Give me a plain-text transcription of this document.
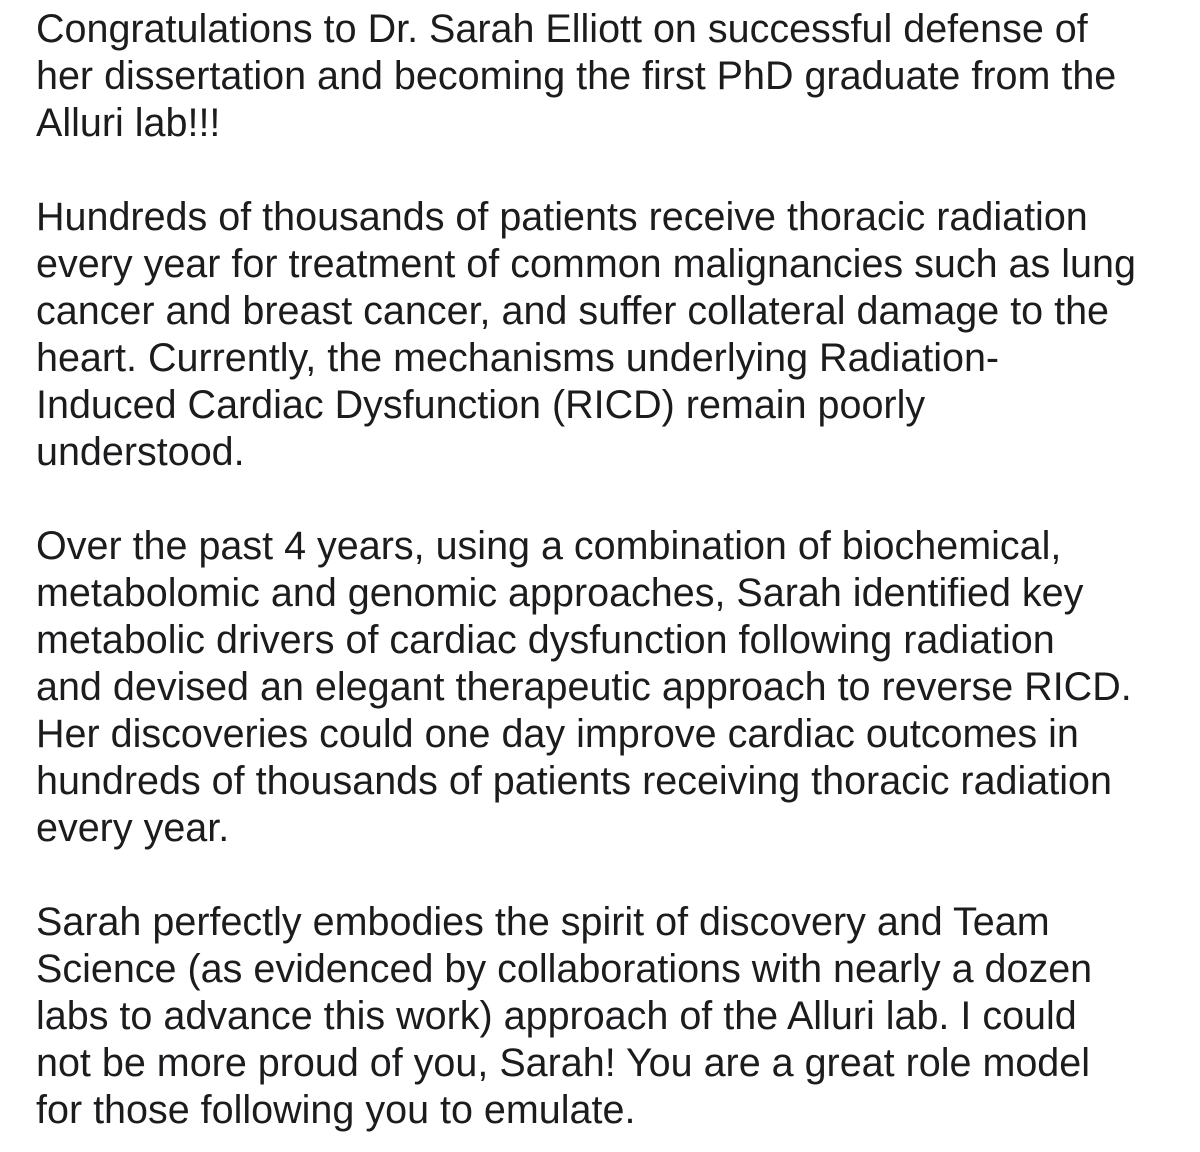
Congratulations to Dr. Sarah Elliott on successful defense of
her dissertation and becoming the first PhD graduate from the
Alluri lab!!!
Hundreds of thousands of patients receive thoracic radiation
every year for treatment of common malignancies such as lung
cancer and breast cancer, and suffer collateral damage to the
heart. Currently, the mechanisms underlying Radiation-
Induced Cardiac Dysfunction (RICD) remain poorly
understood.
Over the past 4 years, using a combination of biochemical,
metabolomic and genomic approaches, Sarah identified key
metabolic drivers of cardiac dysfunction following radiation
and devised an elegant therapeutic approach to reverse RICD.
Her discoveries could one day improve cardiac outcomes in
hundreds of thousands of patients receiving thoracic radiation
every year.
Sarah perfectly embodies the spirit of discovery and Team
Science (as evidenced by collaborations with nearly a dozen
labs to advance this work) approach of the Alluri lab. I could
not be more proud of you, Sarah! You are a great role model
for those following you to emulate.
